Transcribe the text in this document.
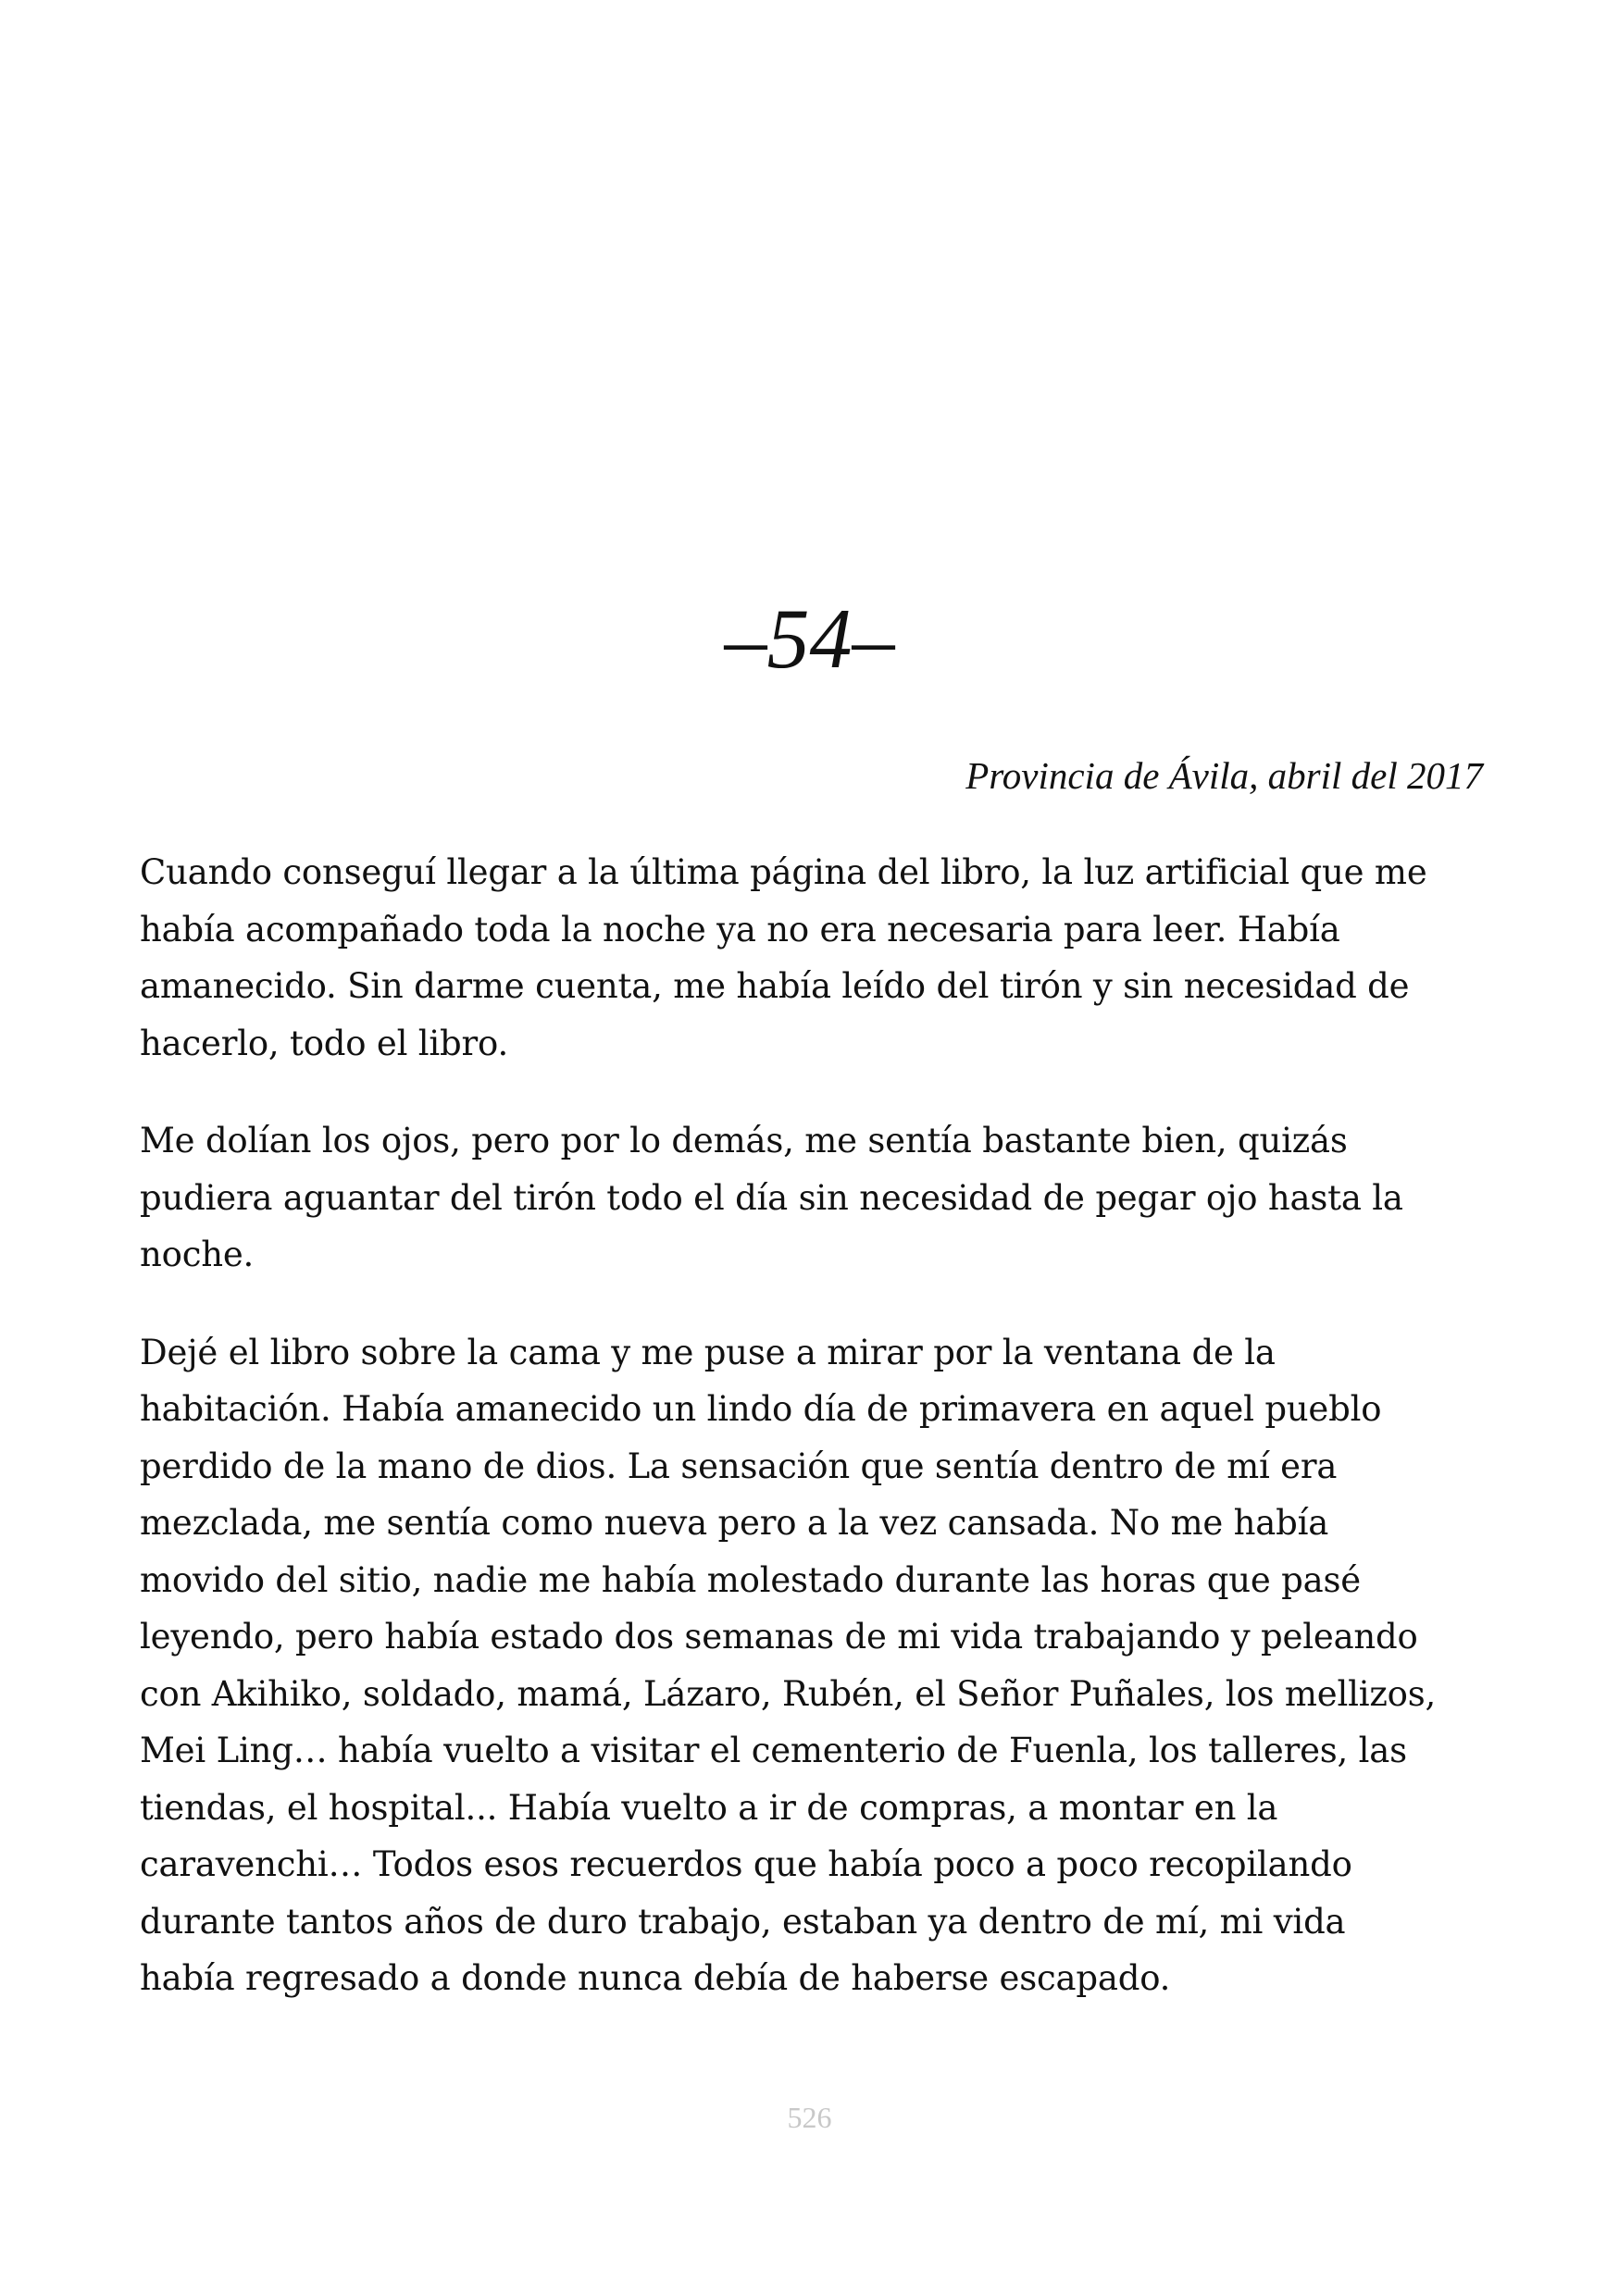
–54–

Provincia de Ávila, abril del 2017

Cuando conseguí llegar a la última página del libro, la luz artificial que me
había acompañado toda la noche ya no era necesaria para leer. Había
amanecido. Sin darme cuenta, me había leído del tirón y sin necesidad de
hacerlo, todo el libro.

Me dolían los ojos, pero por lo demás, me sentía bastante bien, quizás
pudiera aguantar del tirón todo el día sin necesidad de pegar ojo hasta la
noche.

Dejé el libro sobre la cama y me puse a mirar por la ventana de la
habitación. Había amanecido un lindo día de primavera en aquel pueblo
perdido de la mano de dios. La sensación que sentía dentro de mí era
mezclada, me sentía como nueva pero a la vez cansada. No me había
movido del sitio, nadie me había molestado durante las horas que pasé
leyendo, pero había estado dos semanas de mi vida trabajando y peleando
con Akihiko, soldado, mamá, Lázaro, Rubén, el Señor Puñales, los mellizos,
Mei Ling… había vuelto a visitar el cementerio de Fuenla, los talleres, las
tiendas, el hospital... Había vuelto a ir de compras, a montar en la
caravenchi… Todos esos recuerdos que había poco a poco recopilando
durante tantos años de duro trabajo, estaban ya dentro de mí, mi vida
había regresado a donde nunca debía de haberse escapado.

526
